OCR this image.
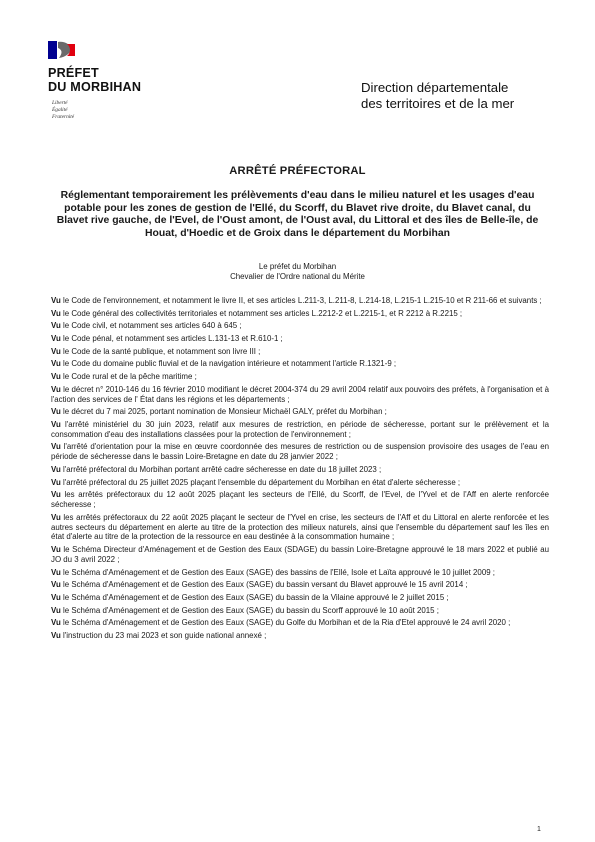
PRÉFET
DU MORBIHAN
Liberté
Égalité
Fraternité
Direction départementale
des territoires et de la mer
ARRÊTÉ PRÉFECTORAL
Réglementant temporairement les prélèvements d'eau dans le milieu naturel et les usages d'eau potable pour les zones de gestion de l'Ellé, du Scorff, du Blavet rive droite, du Blavet canal, du Blavet rive gauche, de l'Evel, de l'Oust amont, de l'Oust aval, du Littoral et des îles de Belle-île, de Houat, d'Hoedic et de Groix dans le département du Morbihan
Le préfet du Morbihan
Chevalier de l'Ordre national du Mérite
Vu le Code de l'environnement, et notamment le livre II, et ses articles L.211-3, L.211-8, L.214-18, L.215-1 L.215-10 et R 211-66 et suivants ;
Vu le Code général des collectivités territoriales et notamment ses articles L.2212-2 et L.2215-1, et R 2212 à R.2215 ;
Vu le Code civil, et notamment ses articles 640 à 645 ;
Vu le Code pénal, et notamment ses articles L.131-13 et R.610-1 ;
Vu le Code de la santé publique, et notamment son livre III ;
Vu le Code du domaine public fluvial et de la navigation intérieure et notamment l'article R.1321-9 ;
Vu le Code rural et de la pêche maritime ;
Vu le décret n° 2010-146 du 16 février 2010 modifiant le décret 2004-374 du 29 avril 2004 relatif aux pouvoirs des préfets, à l'organisation et à l'action des services de l' État dans les régions et les départements ;
Vu le décret du 7 mai 2025, portant nomination de Monsieur Michaël GALY, préfet du Morbihan ;
Vu l'arrêté ministériel du 30 juin 2023, relatif aux mesures de restriction, en période de sécheresse, portant sur le prélèvement et la consommation d'eau des installations classées pour la protection de l'environnement ;
Vu l'arrêté d'orientation pour la mise en œuvre coordonnée des mesures de restriction ou de suspension provisoire des usages de l'eau en période de sécheresse dans le bassin Loire-Bretagne en date du 28 janvier 2022 ;
Vu l'arrêté préfectoral du Morbihan portant arrêté cadre sécheresse en date du 18 juillet 2023 ;
Vu l'arrêté préfectoral du 25 juillet 2025 plaçant l'ensemble du département du Morbihan en état d'alerte sécheresse ;
Vu les arrêtés préfectoraux du 12 août 2025 plaçant les secteurs de l'Ellé, du Scorff, de l'Evel, de l'Yvel et de l'Aff en alerte renforcée sécheresse ;
Vu les arrêtés préfectoraux du 22 août 2025 plaçant le secteur de l'Yvel en crise, les secteurs de l'Aff et du Littoral en alerte renforcée et les autres secteurs du département en alerte au titre de la protection des milieux naturels, ainsi que l'ensemble du département sauf les îles en état d'alerte au titre de la protection de la ressource en eau destinée à la consommation humaine ;
Vu le Schéma Directeur d'Aménagement et de Gestion des Eaux (SDAGE) du bassin Loire-Bretagne approuvé le 18 mars 2022 et publié au JO du 3 avril 2022 ;
Vu le Schéma d'Aménagement et de Gestion des Eaux (SAGE) des bassins de l'Ellé, Isole et Laïta approuvé le 10 juillet 2009 ;
Vu le Schéma d'Aménagement et de Gestion des Eaux (SAGE) du bassin versant du Blavet approuvé le 15 avril 2014 ;
Vu le Schéma d'Aménagement et de Gestion des Eaux (SAGE) du bassin de la Vilaine approuvé le 2 juillet 2015 ;
Vu le Schéma d'Aménagement et de Gestion des Eaux (SAGE) du bassin du Scorff approuvé le 10 août 2015 ;
Vu le Schéma d'Aménagement et de Gestion des Eaux (SAGE) du Golfe du Morbihan et de la Ria d'Etel approuvé le 24 avril 2020 ;
Vu l'instruction du 23 mai 2023 et son guide national annexé ;
1
